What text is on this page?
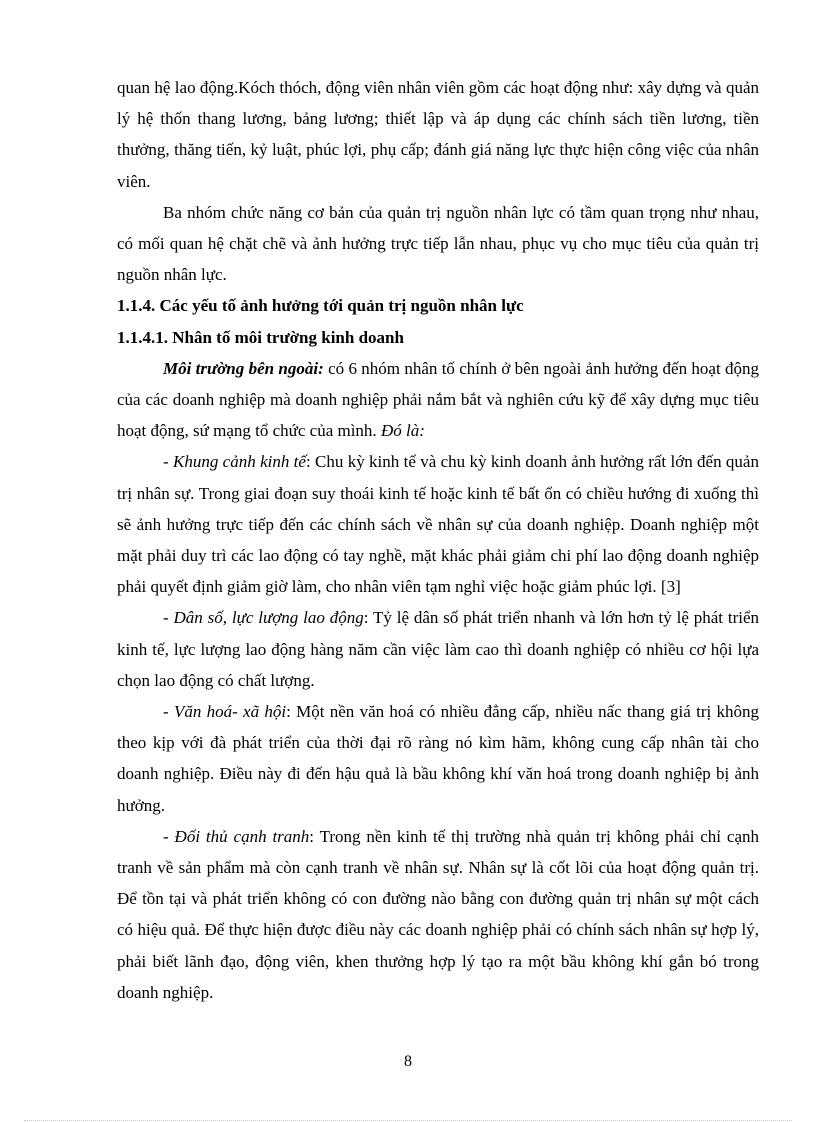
quan hệ lao động.Kóch thóch, động viên nhân viên gồm các hoạt động như: xây dựng và quản lý hệ thốn thang lương, bảng lương; thiết lập và áp dụng các chính sách tiền lương, tiền thưởng, thăng tiến, kỷ luật, phúc lợi, phụ cấp; đánh giá năng lực thực hiện công việc của nhân viên.

Ba nhóm chức năng cơ bản của quản trị nguồn nhân lực có tầm quan trọng như nhau, có mối quan hệ chặt chẽ và ảnh hưởng trực tiếp lẫn nhau, phục vụ cho mục tiêu của quản trị nguồn nhân lực.

1.1.4. Các yếu tố ảnh hưởng tới quản trị nguồn nhân lực

1.1.4.1. Nhân tố môi trường kinh doanh

Môi trường bên ngoài: có 6 nhóm nhân tố chính ở bên ngoài ảnh hưởng đến hoạt động của các doanh nghiệp mà doanh nghiệp phải nắm bắt và nghiên cứu kỹ để xây dựng mục tiêu hoạt động, sứ mạng tổ chức của mình. Đó là:

- Khung cảnh kinh tế: Chu kỳ kinh tế và chu kỳ kinh doanh ảnh hưởng rất lớn đến quản trị nhân sự. Trong giai đoạn suy thoái kinh tế hoặc kinh tế bất ổn có chiều hướng đi xuống thì sẽ ảnh hưởng trực tiếp đến các chính sách về nhân sự của doanh nghiệp. Doanh nghiệp một mặt phải duy trì các lao động có tay nghề, mặt khác phải giảm chi phí lao động doanh nghiệp phải quyết định giảm giờ làm, cho nhân viên tạm nghỉ việc hoặc giảm phúc lợi. [3]

- Dân số, lực lượng lao động: Tỷ lệ dân số phát triển nhanh và lớn hơn tỷ lệ phát triển kinh tế, lực lượng lao động hàng năm cần việc làm cao thì doanh nghiệp có nhiều cơ hội lựa chọn lao động có chất lượng.

- Văn hoá- xã hội: Một nền văn hoá có nhiều đẳng cấp, nhiều nấc thang giá trị không theo kịp với đà phát triển của thời đại rõ ràng nó kìm hãm, không cung cấp nhân tài cho doanh nghiệp. Điều này đi đến hậu quả là bầu không khí văn hoá trong doanh nghiệp bị ảnh hưởng.

- Đối thủ cạnh tranh: Trong nền kinh tế thị trường nhà quản trị không phải chỉ cạnh tranh về sản phẩm mà còn cạnh tranh về nhân sự. Nhân sự là cốt lõi của hoạt động quản trị. Để tồn tại và phát triển không có con đường nào bằng con đường quản trị nhân sự một cách có hiệu quả. Để thực hiện được điều này các doanh nghiệp phải có chính sách nhân sự hợp lý, phải biết lãnh đạo, động viên, khen thưởng hợp lý tạo ra một bầu không khí gắn bó trong doanh nghiệp.

8
